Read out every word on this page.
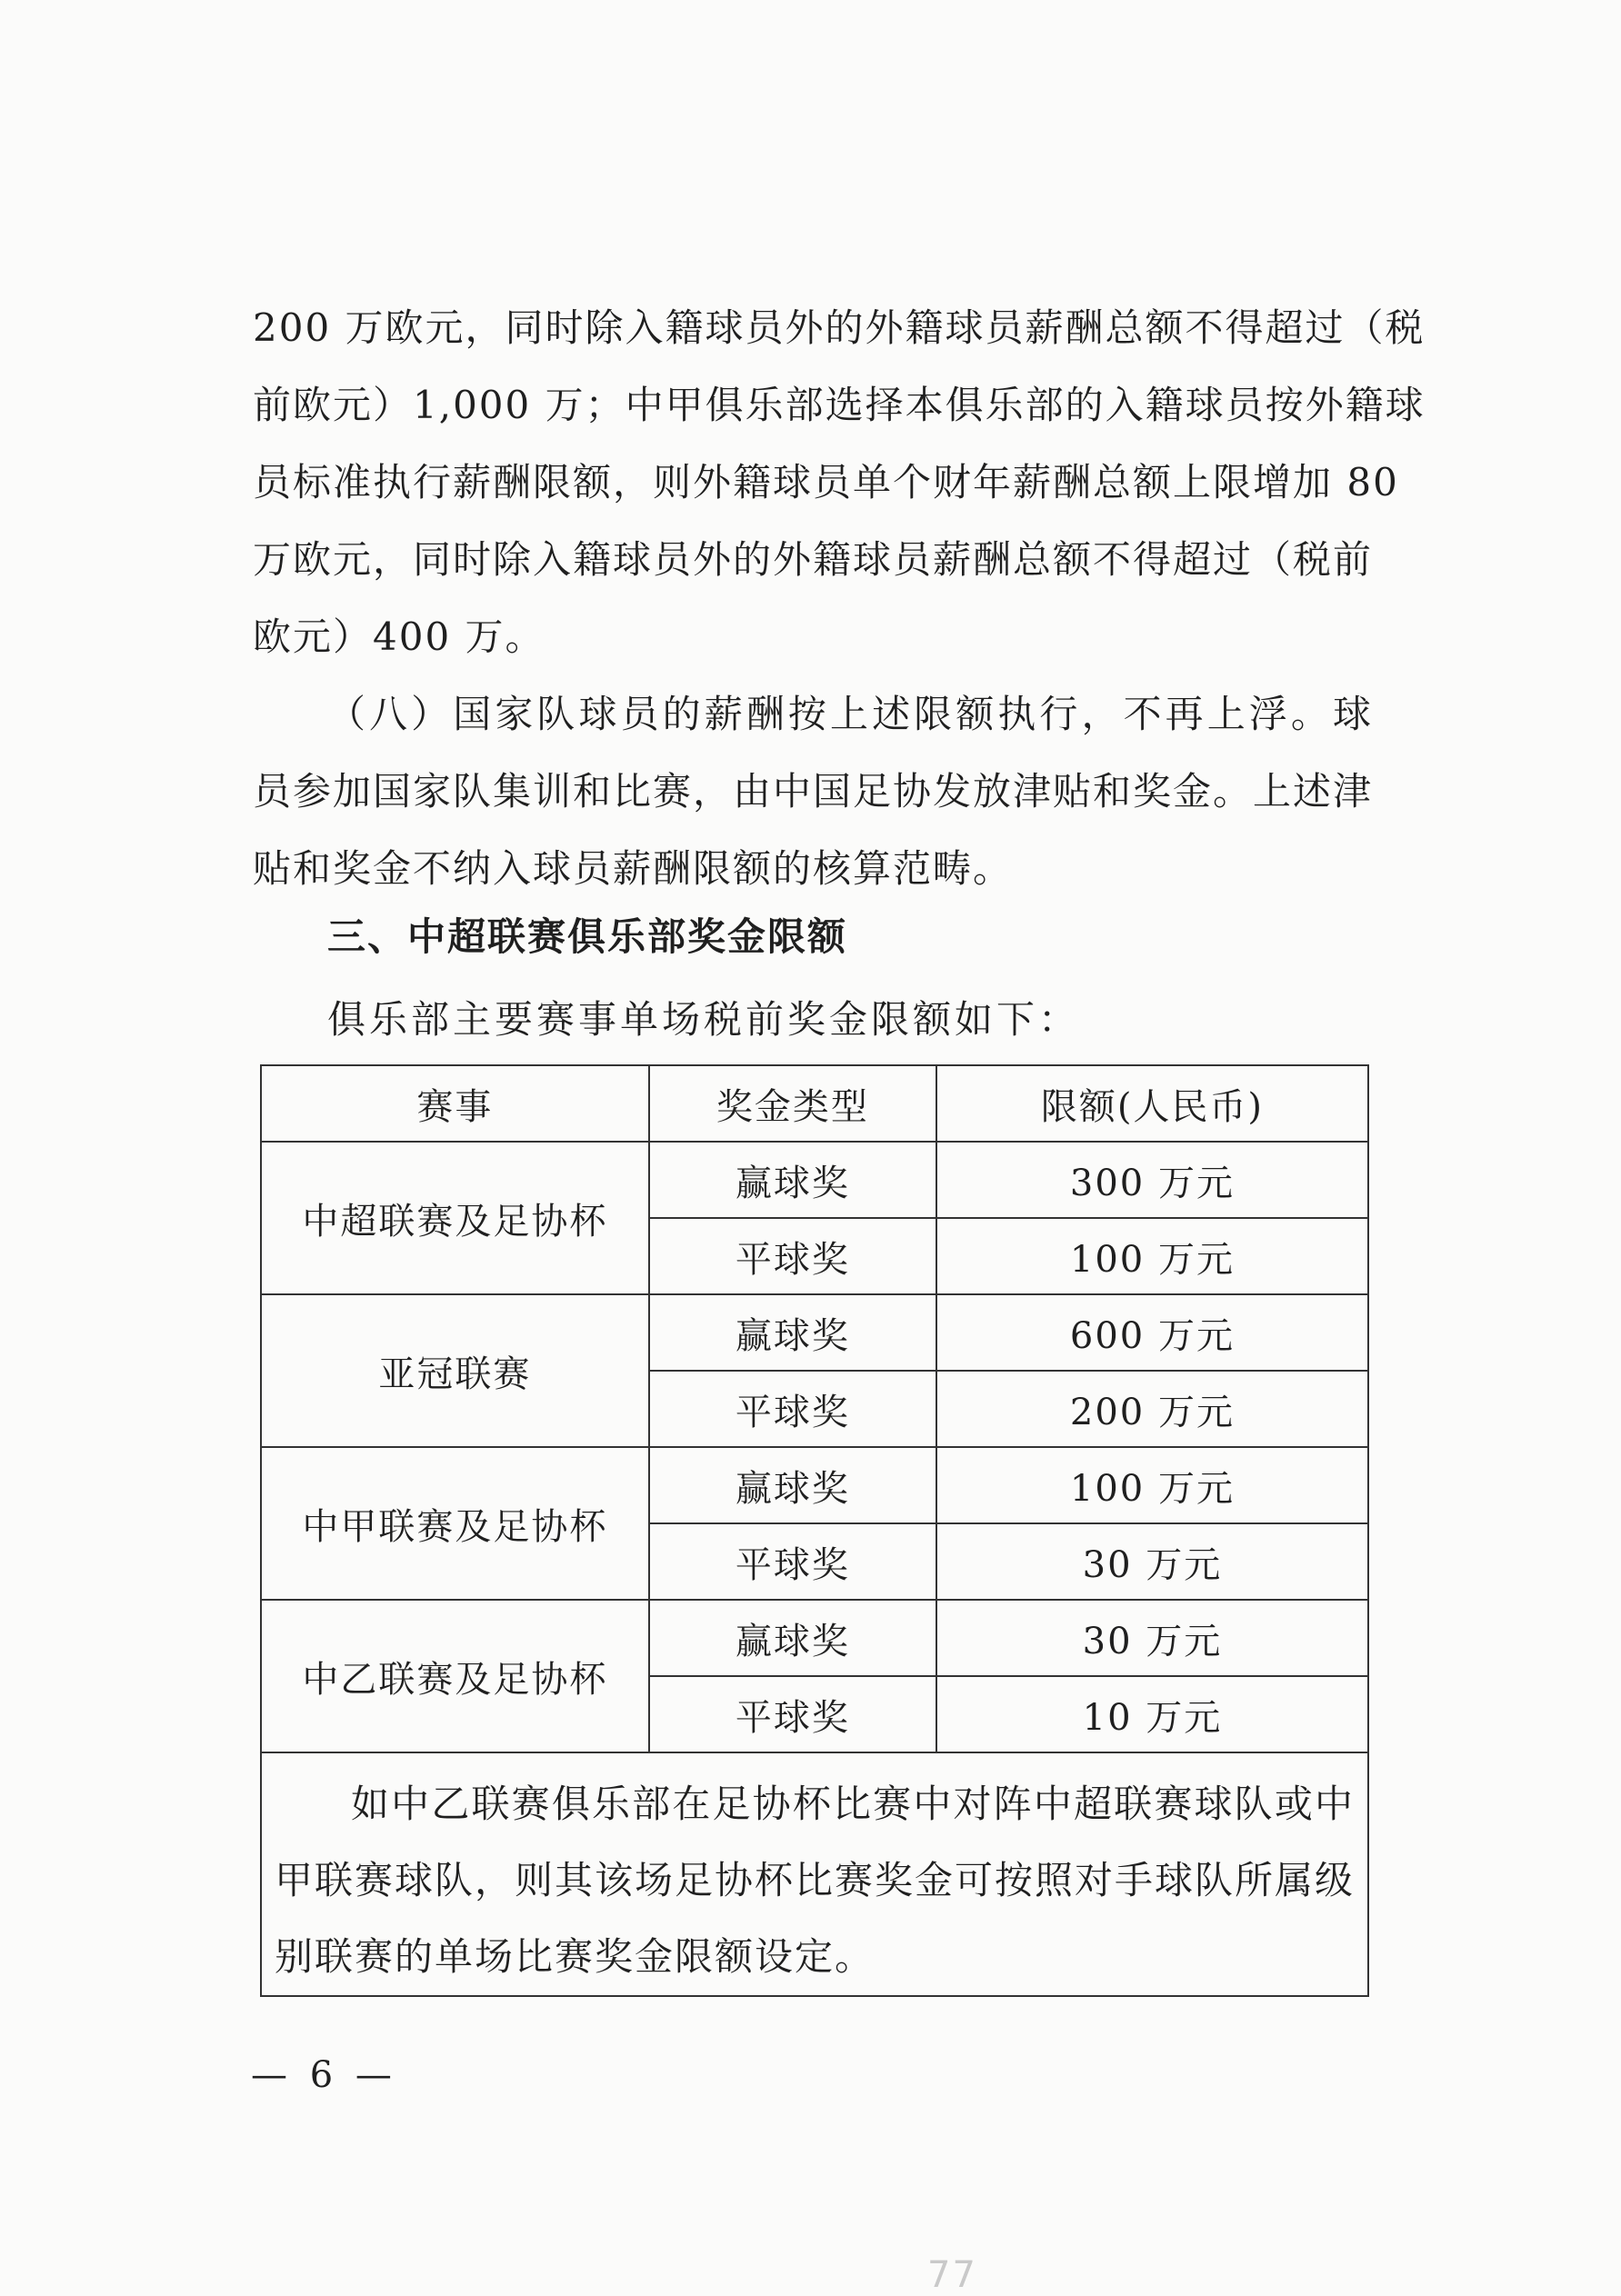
200 万欧元，同时除入籍球员外的外籍球员薪酬总额不得超过（税
前欧元）1,000 万；中甲俱乐部选择本俱乐部的入籍球员按外籍球
员标准执行薪酬限额，则外籍球员单个财年薪酬总额上限增加 80
万欧元，同时除入籍球员外的外籍球员薪酬总额不得超过（税前
欧元）400 万。
（八）国家队球员的薪酬按上述限额执行，不再上浮。球
员参加国家队集训和比赛，由中国足协发放津贴和奖金。上述津
贴和奖金不纳入球员薪酬限额的核算范畴。
三、中超联赛俱乐部奖金限额
俱乐部主要赛事单场税前奖金限额如下：
赛事	奖金类型	限额(人民币)
中超联赛及足协杯	赢球奖	300 万元
	平球奖	100 万元
亚冠联赛	赢球奖	600 万元
	平球奖	200 万元
中甲联赛及足协杯	赢球奖	100 万元
	平球奖	30 万元
中乙联赛及足协杯	赢球奖	30 万元
	平球奖	10 万元

如中乙联赛俱乐部在足协杯比赛中对阵中超联赛球队或中
甲联赛球队，则其该场足协杯比赛奖金可按照对手球队所属级
别联赛的单场比赛奖金限额设定。		
— 6 —
77
